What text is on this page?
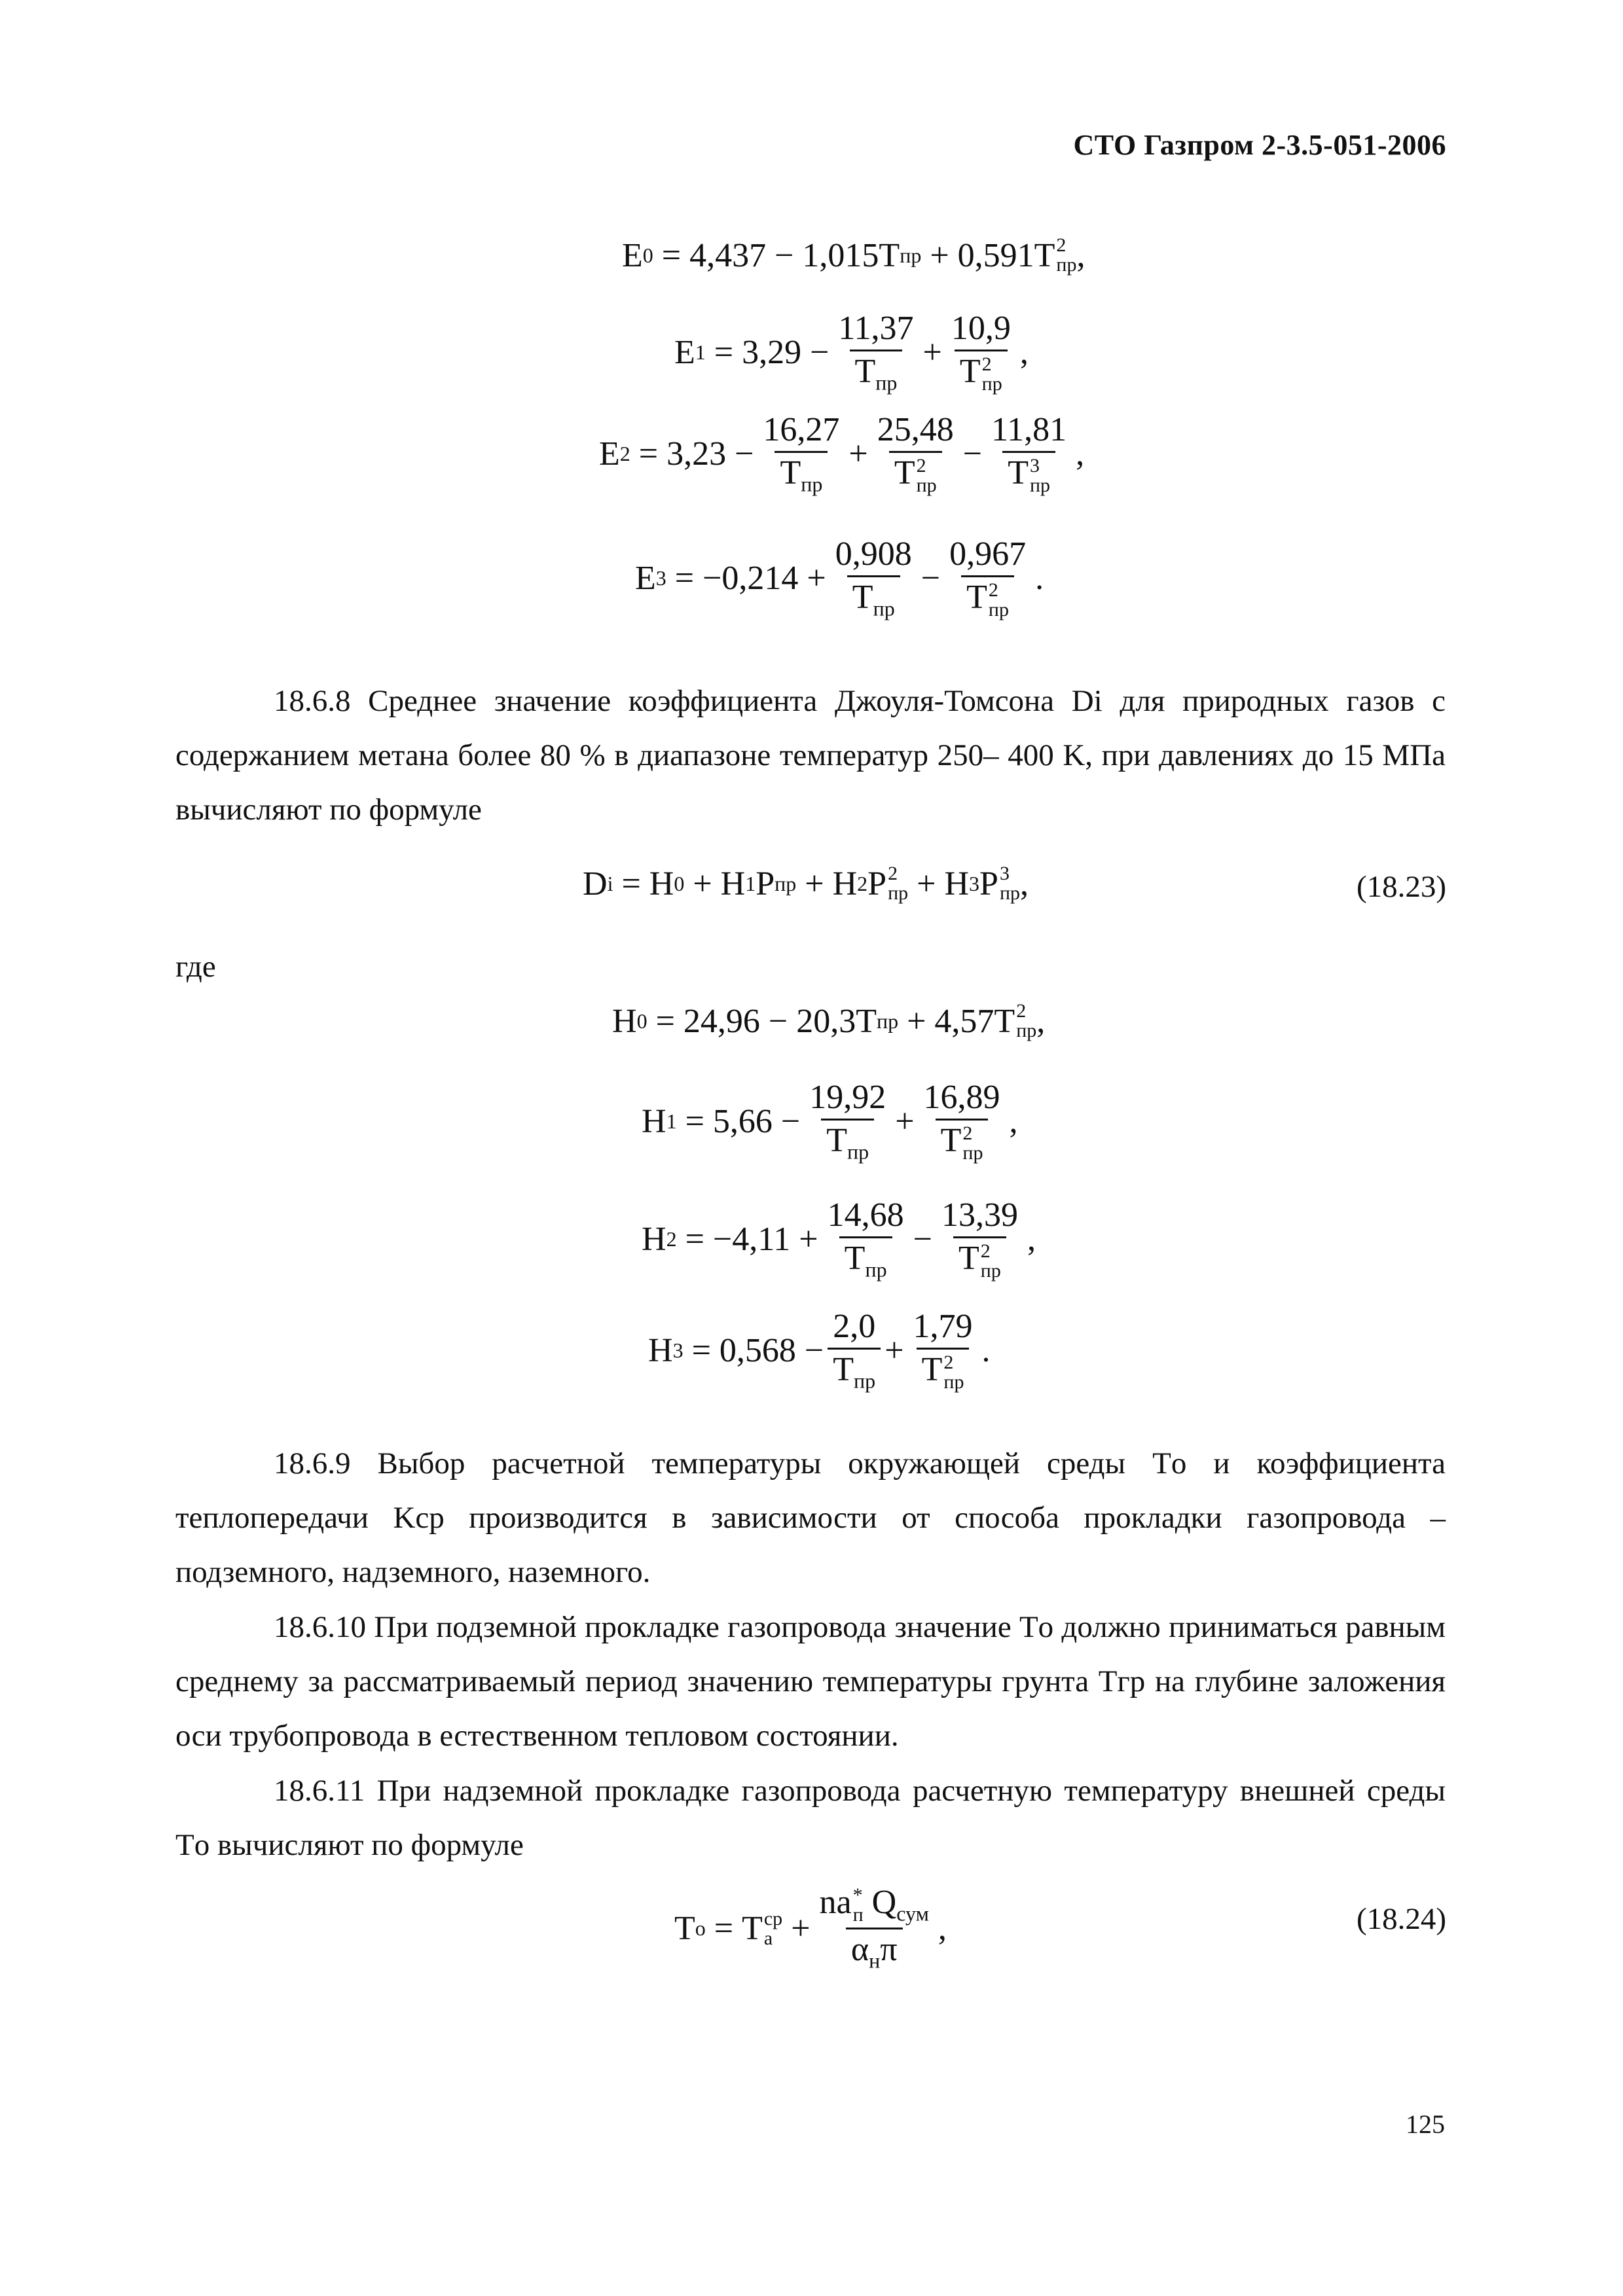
СТО Газпром 2-3.5-051-2006
E 0 = 4,437 − 1,015T пр + 0,591T 2
пр ,
E $1 = 3,29 - \frac{11,37}{T_{пр}} + 10,9$
T 2
пр ,
E $2 = 3,23 - \frac{16,27}{T_{пр}} + 25,48$
T 2
пр − 11,81
T 3
пр ,
E $3 = -0,214 + \frac{0,908}{T_{пр}} - 0,967$
T 2
пр .

18.6.8 Среднее значение коэффициента Джоуля-Томсона Di для природных газов с содержанием метана более 80 % в диапазоне температур 250– 400 K, при давлениях до 15 МПа вычисляют по формуле

D i = H 0 + H 1 P пр + H 2 P 2
пр + H 3 P 3
пр ,	(18.23)
где
H 0 = 24,96 − 20,3T пр + 4,57T 2
пр ,
H $1 = 5,66 - \frac{19,92}{T_{пр}} + 16,89$
T 2
пр ,
H $2 = -4,11 + \frac{14,68}{T_{пр}} - 13,39$
T 2
пр ,
H $3 = 0,568 - \frac{2,0}{T_{пр}} + 1,79$
T 2
пр .

18.6.9 Выбор расчетной температуры окружающей среды Tо и коэффициента теплопередачи Kср производится в зависимости от способа прокладки газопровода – подземного, надземного, наземного.

18.6.10 При подземной прокладке газопровода значение Tо должно приниматься равным среднему за рассматриваемый период значению температуры грунта Tгр на глубине заложения оси трубопровода в естественном тепловом состоянии.

18.6.11 При надземной прокладке газопровода расчетную температуру внешней среды Tо вычисляют по формуле

T о = T ср
а + na *
п $Q_{сум}$
$\alpha_н\pi$ ,	(18.24)
125
